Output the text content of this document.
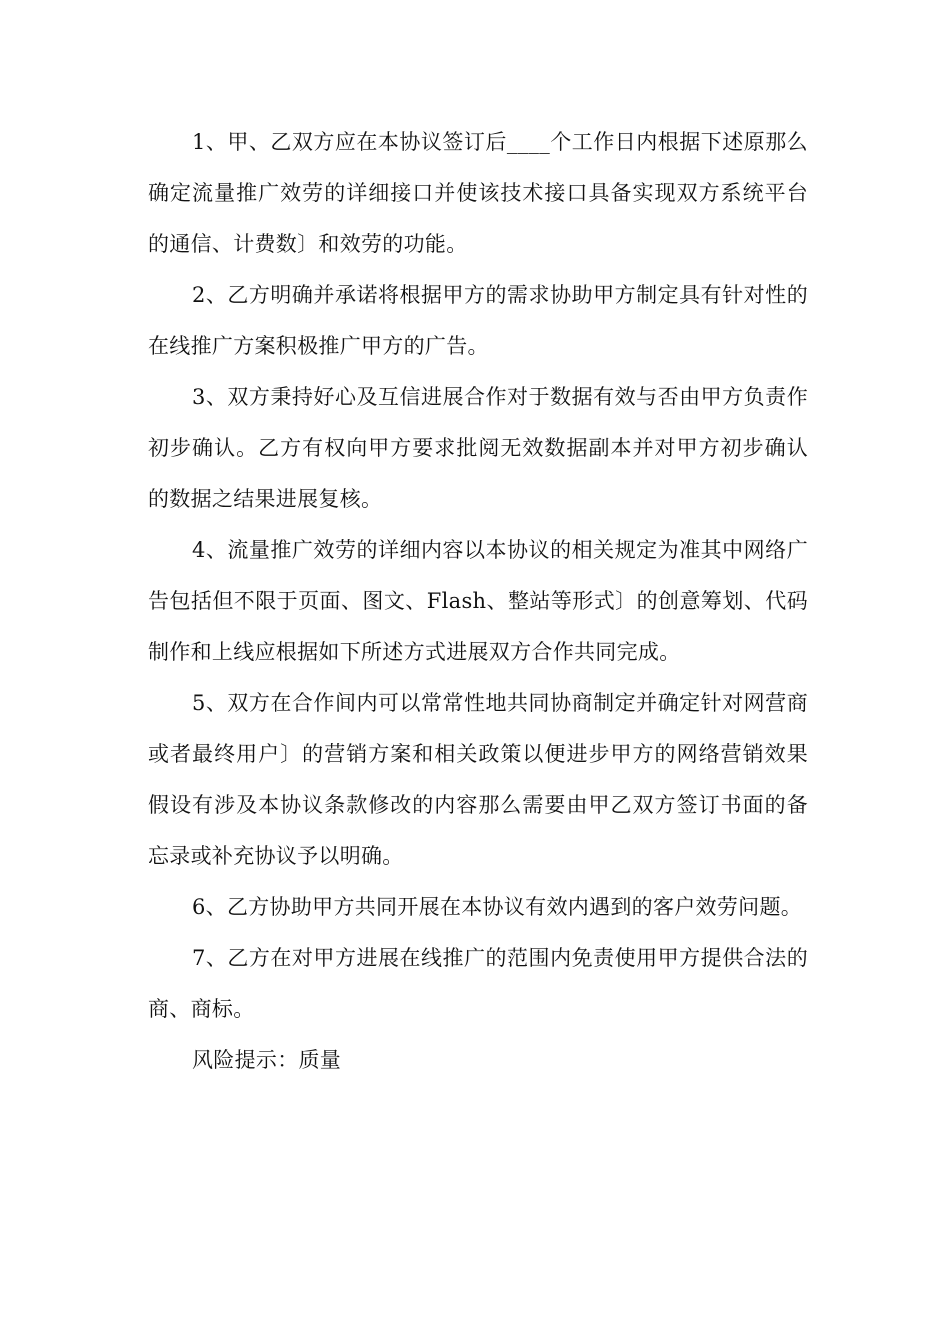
1、甲、乙双方应在本协议签订后____个工作日内根据下述原那么确定流量推广效劳的详细接口并使该技术接口具备实现双方系统平台的通信、计费数〕和效劳的功能。

2、乙方明确并承诺将根据甲方的需求协助甲方制定具有针对性的在线推广方案积极推广甲方的广告。

3、双方秉持好心及互信进展合作对于数据有效与否由甲方负责作初步确认。乙方有权向甲方要求批阅无效数据副本并对甲方初步确认的数据之结果进展复核。

4、流量推广效劳的详细内容以本协议的相关规定为准其中网络广告包括但不限于页面、图文、Flash、整站等形式〕的创意筹划、代码制作和上线应根据如下所述方式进展双方合作共同完成。

5、双方在合作间内可以常常性地共同协商制定并确定针对网营商或者最终用户〕的营销方案和相关政策以便进步甲方的网络营销效果假设有涉及本协议条款修改的内容那么需要由甲乙双方签订书面的备忘录或补充协议予以明确。

6、乙方协助甲方共同开展在本协议有效内遇到的客户效劳问题。

7、乙方在对甲方进展在线推广的范围内免责使用甲方提供合法的商、商标。

风险提示：质量
